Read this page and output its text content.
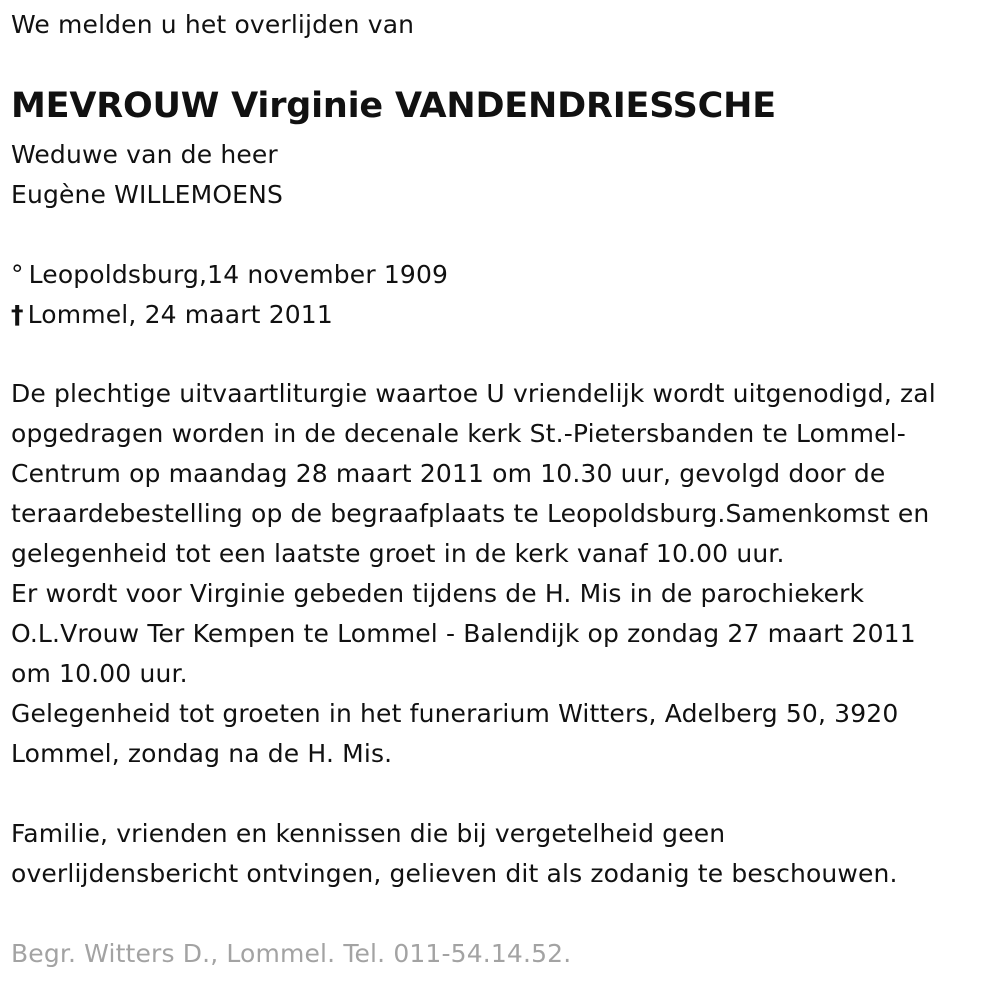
We melden u het overlijden van
MEVROUW Virginie VANDENDRIESSCHE
Weduwe van de heer
Eugène WILLEMOENS
° Leopoldsburg,14 november 1909
† Lommel, 24 maart 2011
De plechtige uitvaartliturgie waartoe U vriendelijk wordt uitgenodigd, zal
opgedragen worden in de decenale kerk St.-Pietersbanden te Lommel-
Centrum op maandag 28 maart 2011 om 10.30 uur, gevolgd door de
teraardebestelling op de begraafplaats te Leopoldsburg.Samenkomst en
gelegenheid tot een laatste groet in de kerk vanaf 10.00 uur.
Er wordt voor Virginie gebeden tijdens de H. Mis in de parochiekerk
O.L.Vrouw Ter Kempen te Lommel - Balendijk op zondag 27 maart 2011
om 10.00 uur.
Gelegenheid tot groeten in het funerarium Witters, Adelberg 50, 3920
Lommel, zondag na de H. Mis.
Familie, vrienden en kennissen die bij vergetelheid geen
overlijdensbericht ontvingen, gelieven dit als zodanig te beschouwen.
Begr. Witters D., Lommel. Tel. 011-54.14.52.
